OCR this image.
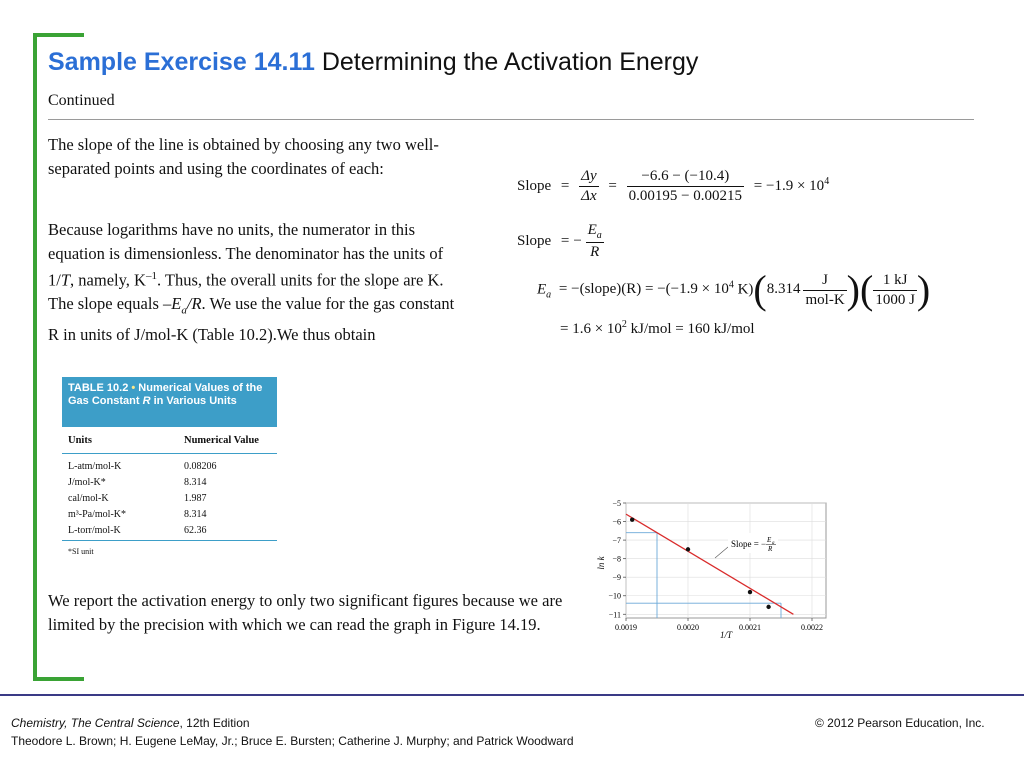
Sample Exercise 14.11 Determining the Activation Energy
Continued
The slope of the line is obtained by choosing any two well-separated points and using the coordinates of each:
Because logarithms have no units, the numerator in this equation is dimensionless. The denominator has the units of 1/T, namely, $K^{-1}$. Thus, the overall units for the slope are K. The slope equals $-E_a/R$. We use the value for the gas constant R in units of J/mol-K (Table 10.2).We thus obtain
We report the activation energy to only two significant figures because we are limited by the precision with which we can read the graph in Figure 14.19.
Slope = $\frac{\Delta y}{\Delta x} = \frac{-6.6 - (-10.4)}{0.00195 - 0.00215} = -1.9 \times 10^4$
Slope = − $\frac{E_a}{R}$
$E_a$ = −(slope)(R) = $-(-1.9 \times 10^4$ $K)(8.314 \frac{J}{\text{mol-K}}$ )( $\frac{1 kJ}{1000 J}$ )
= $1.6 \times 10^2$ kJ/mol = 160 kJ/mol
TABLE 10.2 • Numerical Values of the Gas Constant R in Various Units
Units	Numerical Value
L-atm/mol-K	0.08206
J/mol-K*	8.314
cal/mol-K	1.987
m³-Pa/mol-K*	8.314
L-torr/mol-K	62.36
*SI unit
−5
−6
−7
−8
−9
−10
−11
0.0019	0.0020	0.0021	0.0022
ln k
1/T
Slope = − E a
R
Chemistry, The Central Science, 12th Edition
Theodore L. Brown; H. Eugene LeMay, Jr.; Bruce E. Bursten; Catherine J. Murphy; and Patrick Woodward
© 2012 Pearson Education, Inc.
